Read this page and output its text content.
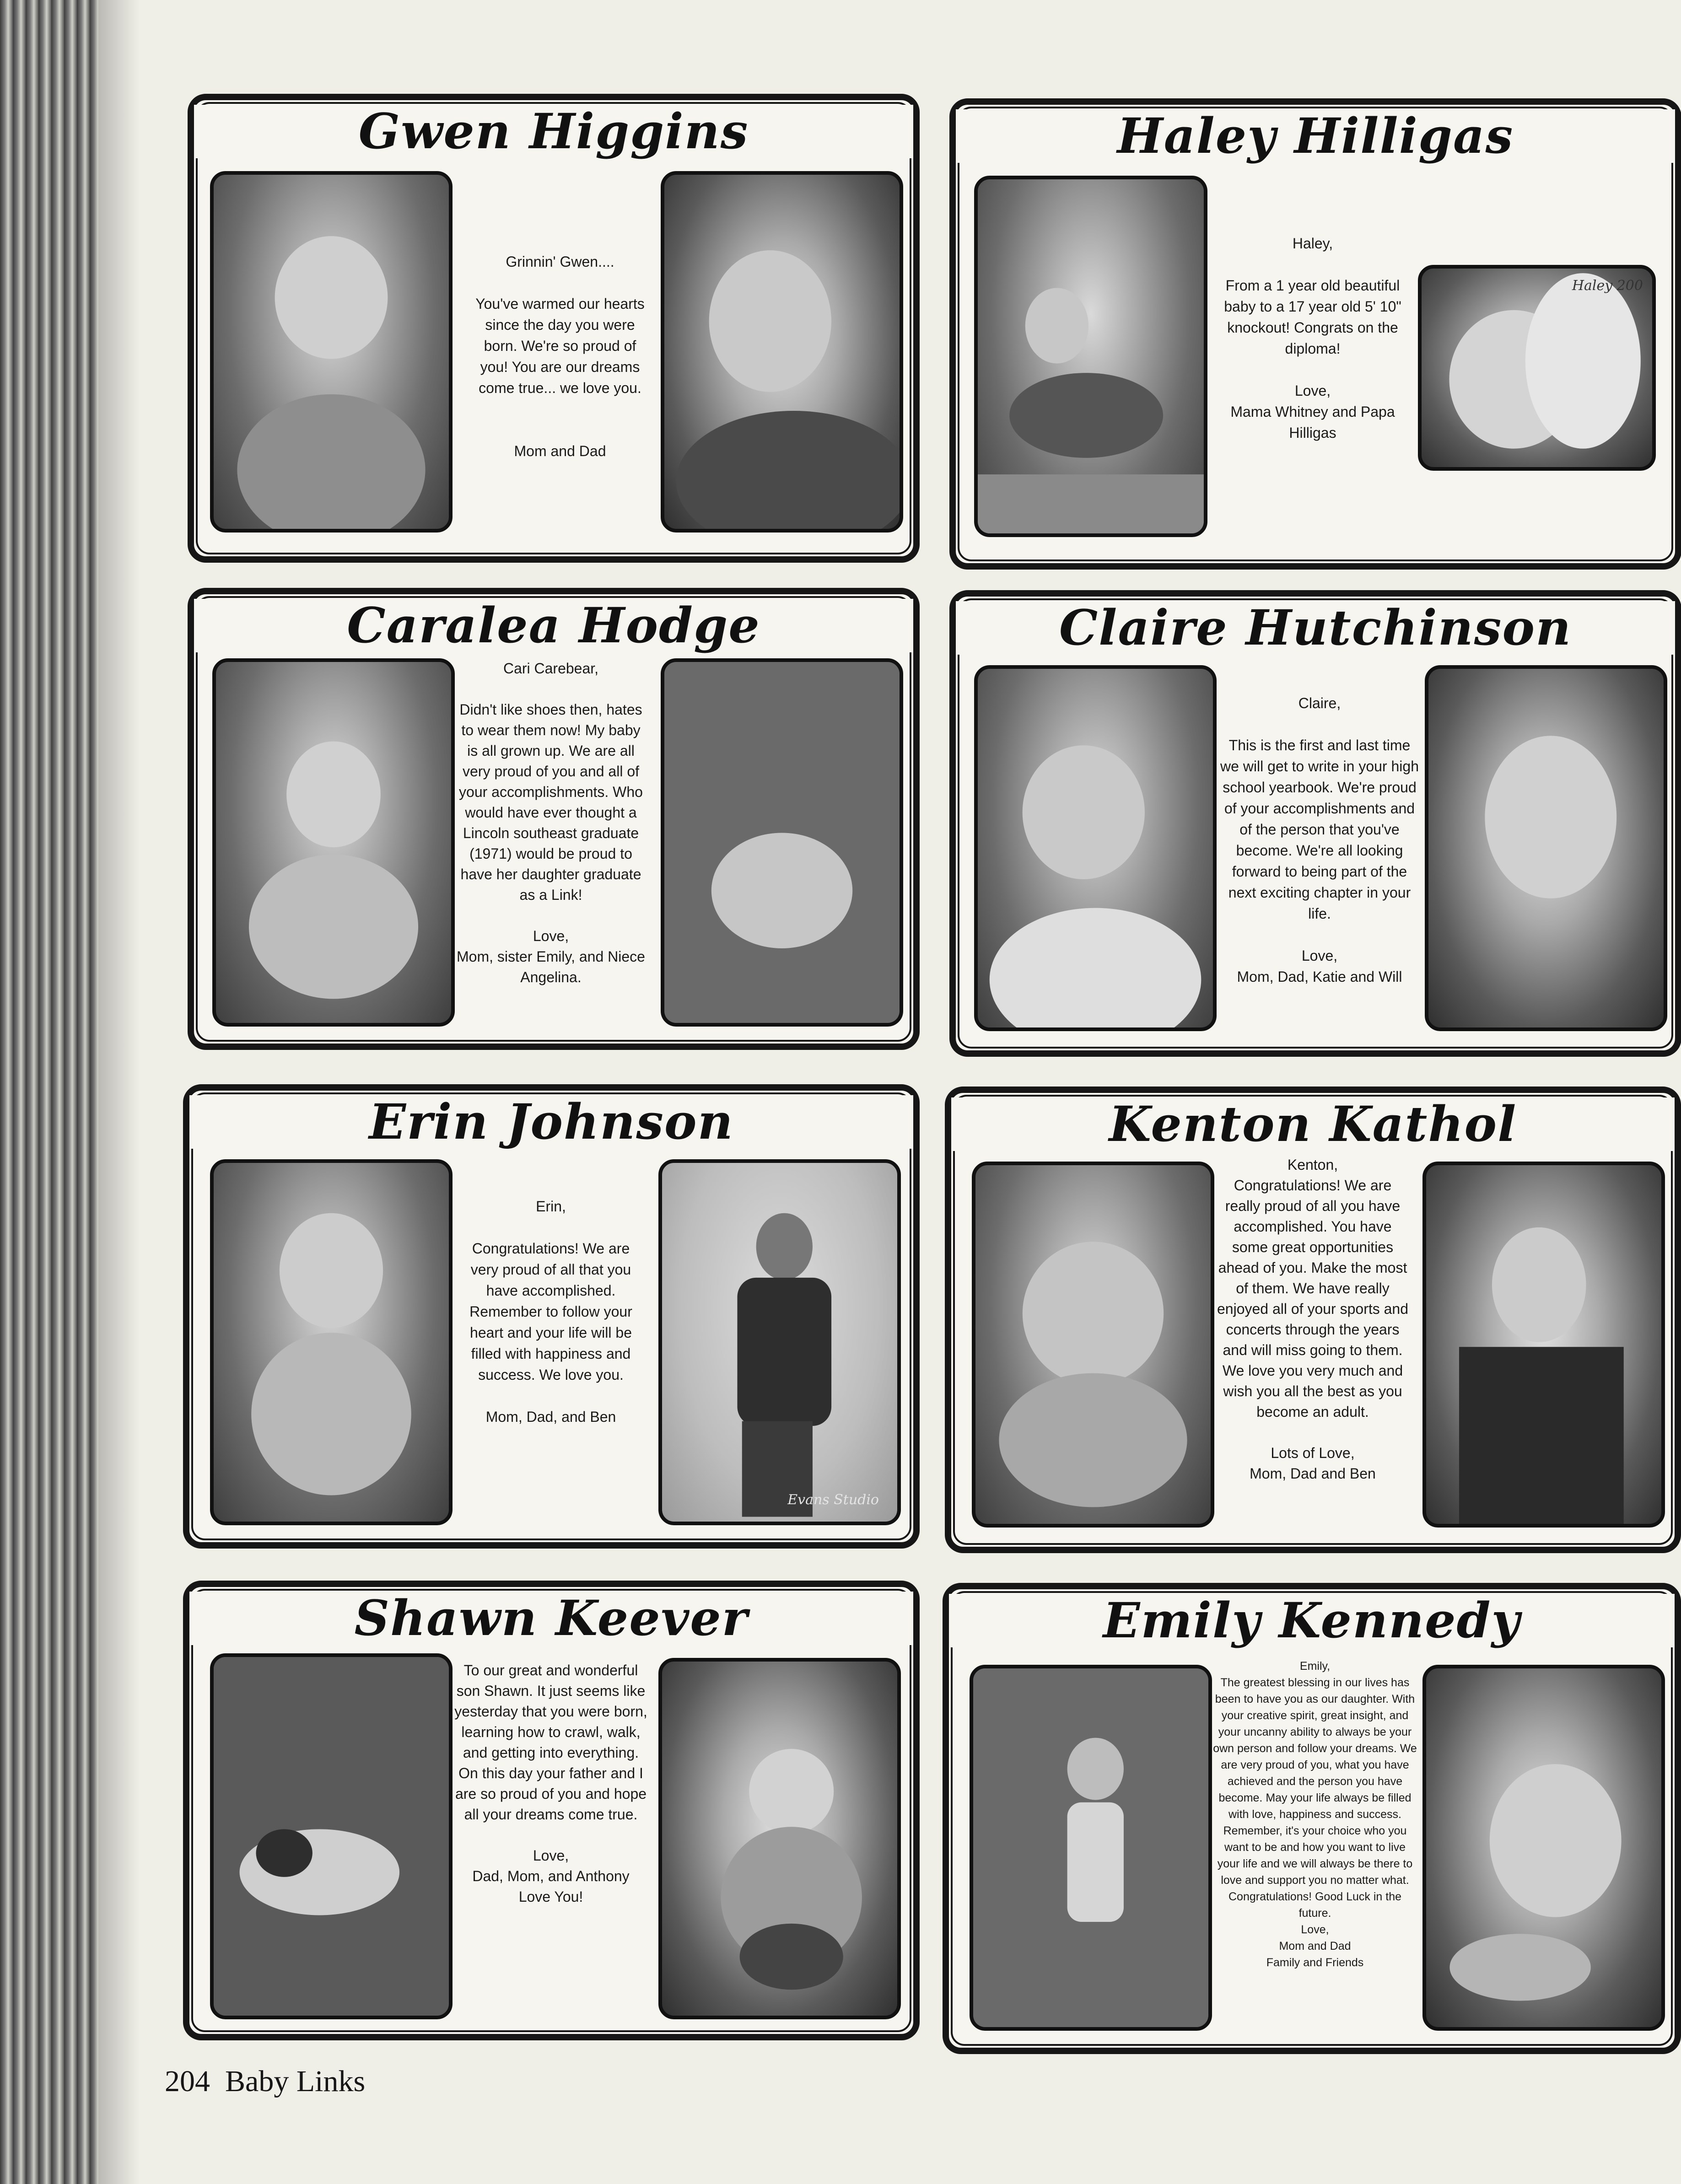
Gwen Higgins
Grinnin' Gwen....

You've warmed our hearts since the day you were born. We're so proud of you! You are our dreams come true... we love you.

Mom and Dad
Haley Hilligas
Haley,

From a 1 year old beautiful baby to a 17 year old 5' 10" knockout! Congrats on the diploma!

Love,
Mama Whitney and Papa Hilligas
Haley 200
Caralea Hodge
Cari Carebear,

Didn't like shoes then, hates to wear them now! My baby is all grown up. We are all very proud of you and all of your accomplishments. Who would have ever thought a Lincoln southeast graduate (1971) would be proud to have her daughter graduate as a Link!

Love,
Mom, sister Emily, and Niece Angelina.
Claire Hutchinson
Claire,

This is the first and last time we will get to write in your high school yearbook. We're proud of your accomplishments and of the person that you've become. We're all looking forward to being part of the next exciting chapter in your life.

Love,
Mom, Dad, Katie and Will
Erin Johnson
Erin,

Congratulations! We are very proud of all that you have accomplished. Remember to follow your heart and your life will be filled with happiness and success. We love you.

Mom, Dad, and Ben
Evans Studio
Kenton Kathol
Kenton,
Congratulations! We are really proud of all you have accomplished. You have some great opportunities ahead of you. Make the most of them. We have really enjoyed all of your sports and concerts through the years and will miss going to them. We love you very much and wish you all the best as you become an adult.

Lots of Love,
Mom, Dad and Ben
Shawn Keever
To our great and wonderful son Shawn. It just seems like yesterday that you were born, learning how to crawl, walk, and getting into everything. On this day your father and I are so proud of you and hope all your dreams come true.

Love,
Dad, Mom, and Anthony
Love You!
Emily Kennedy
Emily,
The greatest blessing in our lives has been to have you as our daughter. With your creative spirit, great insight, and your uncanny ability to always be your own person and follow your dreams. We are very proud of you, what you have achieved and the person you have become. May your life always be filled with love, happiness and success. Remember, it's your choice who you want to be and how you want to live your life and we will always be there to love and support you no matter what. Congratulations! Good Luck in the future.
Love,
Mom and Dad
Family and Friends

204 Baby Links
